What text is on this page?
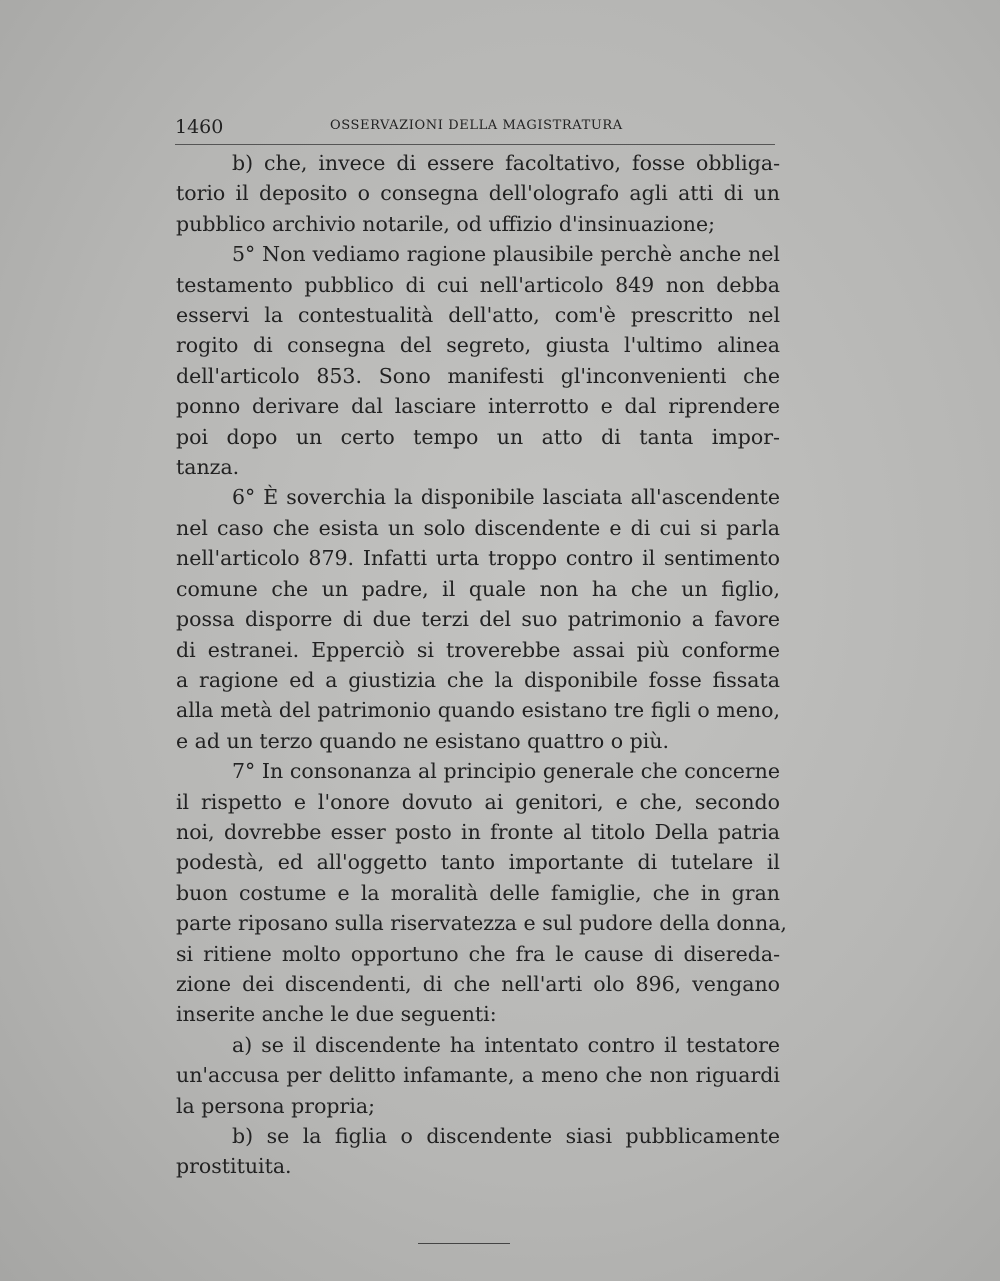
1460	OSSERVAZIONI DELLA MAGISTRATURA
b) che, invece di essere facoltativo, fosse obbliga-
torio il deposito o consegna dell'olografo agli atti di un
pubblico archivio notarile, od uffizio d'insinuazione;
5° Non vediamo ragione plausibile perchè anche nel
testamento pubblico di cui nell'articolo 849 non debba
esservi la contestualità dell'atto, com'è prescritto nel
rogito di consegna del segreto, giusta l'ultimo alinea
dell'articolo 853. Sono manifesti gl'inconvenienti che
ponno derivare dal lasciare interrotto e dal riprendere
poi dopo un certo tempo un atto di tanta impor-
tanza.
6° È soverchia la disponibile lasciata all'ascendente
nel caso che esista un solo discendente e di cui si parla
nell'articolo 879. Infatti urta troppo contro il sentimento
comune che un padre, il quale non ha che un figlio,
possa disporre di due terzi del suo patrimonio a favore
di estranei. Epperciò si troverebbe assai più conforme
a ragione ed a giustizia che la disponibile fosse fissata
alla metà del patrimonio quando esistano tre figli o meno,
e ad un terzo quando ne esistano quattro o più.
7° In consonanza al principio generale che concerne
il rispetto e l'onore dovuto ai genitori, e che, secondo
noi, dovrebbe esser posto in fronte al titolo Della patria
podestà, ed all'oggetto tanto importante di tutelare il
buon costume e la moralità delle famiglie, che in gran
parte riposano sulla riservatezza e sul pudore della donna,
si ritiene molto opportuno che fra le cause di diseredа-
zione dei discendenti, di che nell'arti olo 896, vengano
inserite anche le due seguenti:
a) se il discendente ha intentato contro il testatore
un'accusa per delitto infamante, a meno che non riguardi
la persona propria;
b) se la figlia o discendente siasi pubblicamente
prostituita.
